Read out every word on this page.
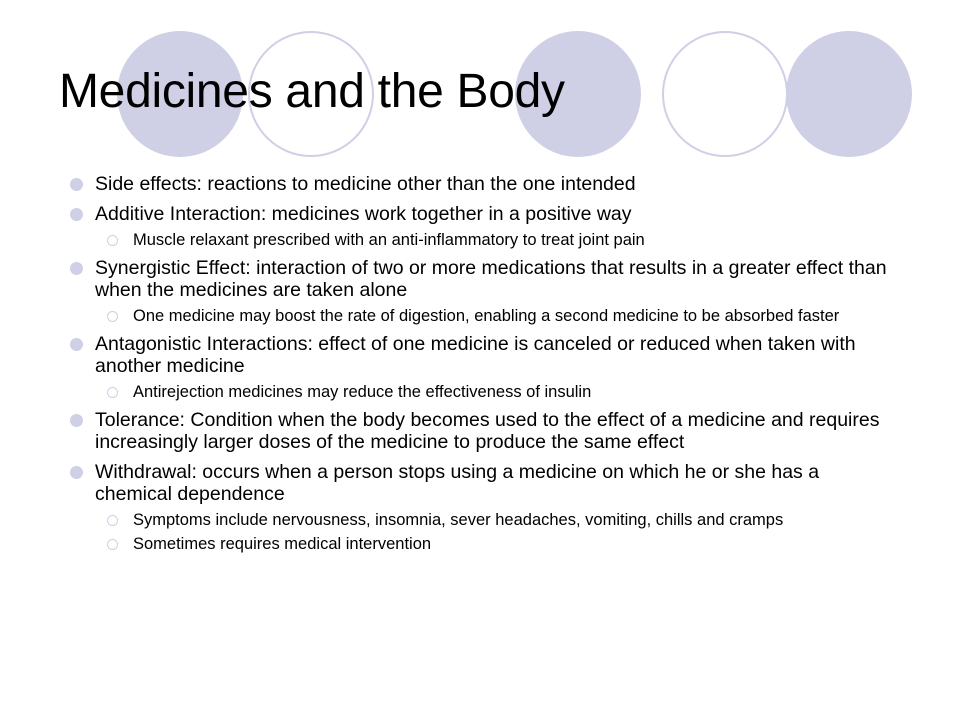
Medicines and the Body
Side effects: reactions to medicine other than the one intended
Additive Interaction: medicines work together in a positive way
Muscle relaxant prescribed with an anti-inflammatory to treat joint pain
Synergistic Effect: interaction of two or more medications that results in a greater effect than when the medicines are taken alone
One medicine may boost the rate of digestion, enabling a second medicine to be absorbed faster
Antagonistic Interactions: effect of one medicine is canceled or reduced when taken with another medicine
Antirejection medicines may reduce the effectiveness of insulin
Tolerance: Condition when the body becomes used to the effect of a medicine and requires increasingly larger doses of the medicine to produce the same effect
Withdrawal: occurs when a person stops using a medicine on which he or she has a chemical dependence
Symptoms include nervousness, insomnia, sever headaches, vomiting, chills and cramps
Sometimes requires medical intervention
